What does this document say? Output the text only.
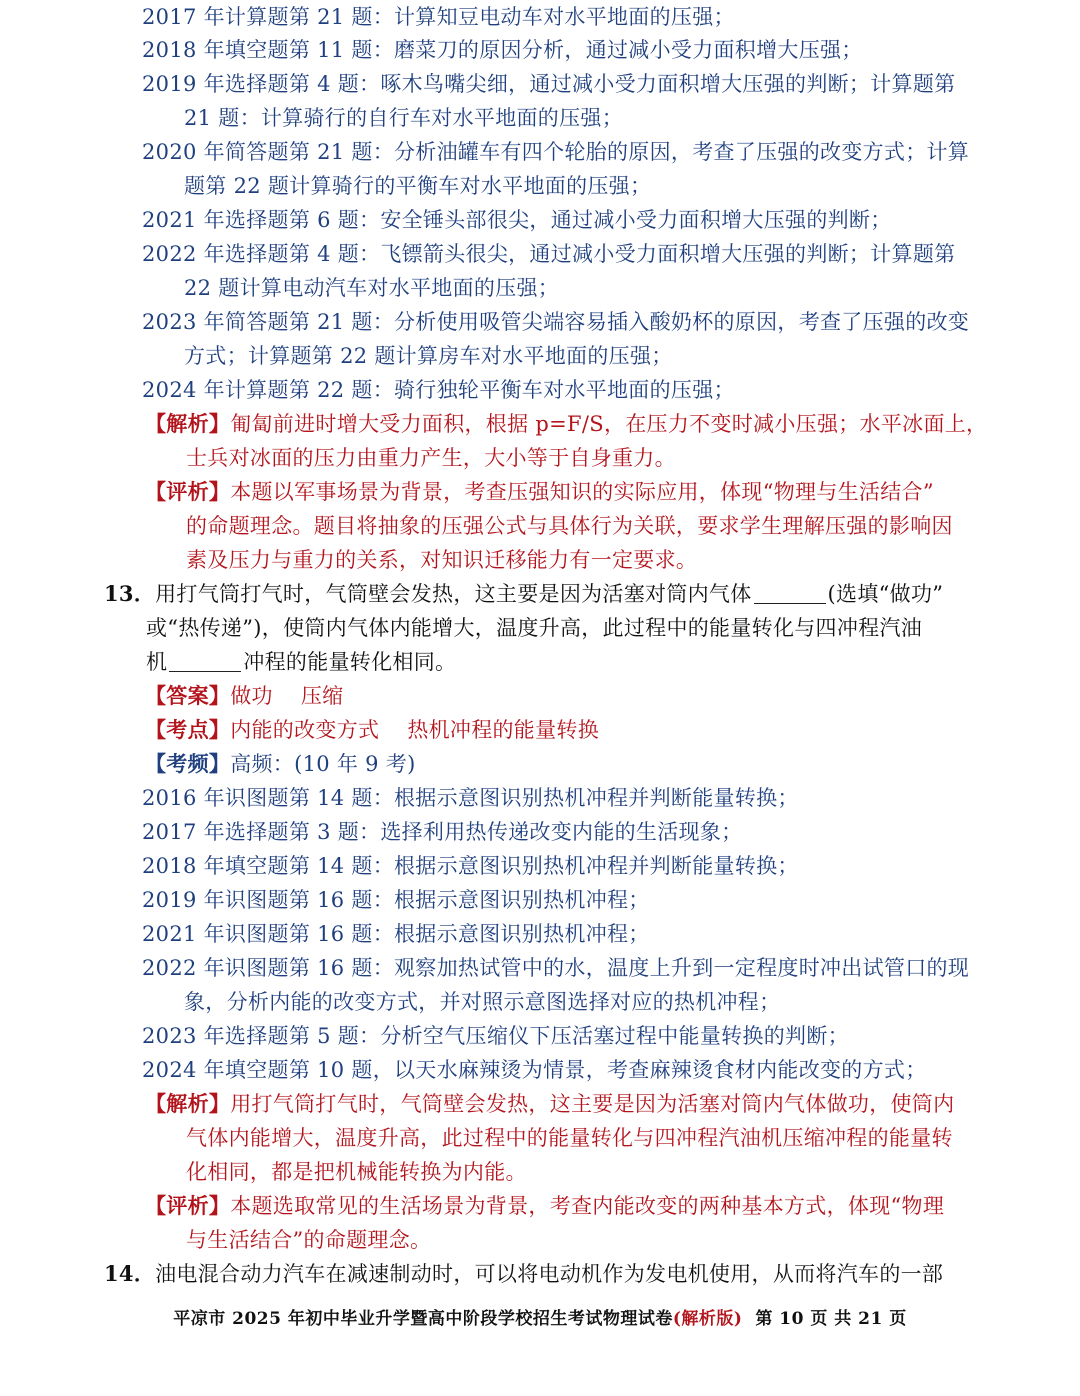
2017 年计算题第 21 题：计算知豆电动车对水平地面的压强；
2018 年填空题第 11 题：磨菜刀的原因分析，通过减小受力面积增大压强；
2019 年选择题第 4 题：啄木鸟嘴尖细，通过减小受力面积增大压强的判断；计算题第
21 题：计算骑行的自行车对水平地面的压强；
2020 年简答题第 21 题：分析油罐车有四个轮胎的原因，考查了压强的改变方式；计算
题第 22 题计算骑行的平衡车对水平地面的压强；
2021 年选择题第 6 题：安全锤头部很尖，通过减小受力面积增大压强的判断；
2022 年选择题第 4 题：飞镖箭头很尖，通过减小受力面积增大压强的判断；计算题第
22 题计算电动汽车对水平地面的压强；
2023 年简答题第 21 题：分析使用吸管尖端容易插入酸奶杯的原因，考查了压强的改变
方式；计算题第 22 题计算房车对水平地面的压强；
2024 年计算题第 22 题：骑行独轮平衡车对水平地面的压强；
【解析】匍匐前进时增大受力面积，根据 p=F/S，在压力不变时减小压强；水平冰面上，
士兵对冰面的压力由重力产生，大小等于自身重力。
【评析】本题以军事场景为背景，考查压强知识的实际应用，体现“物理与生活结合”
的命题理念。题目将抽象的压强公式与具体行为关联，要求学生理解压强的影响因
素及压力与重力的关系，对知识迁移能力有一定要求。
13．用打气筒打气时，气筒壁会发热，这主要是因为活塞对筒内气体	(选填“做功”
或“热传递”)，使筒内气体内能增大，温度升高，此过程中的能量转化与四冲程汽油
机	冲程的能量转化相同。
【答案】做功 压缩
【考点】内能的改变方式 热机冲程的能量转换
【考频】高频：(10 年 9 考)
2016 年识图题第 14 题：根据示意图识别热机冲程并判断能量转换；
2017 年选择题第 3 题：选择利用热传递改变内能的生活现象；
2018 年填空题第 14 题：根据示意图识别热机冲程并判断能量转换；
2019 年识图题第 16 题：根据示意图识别热机冲程；
2021 年识图题第 16 题：根据示意图识别热机冲程；
2022 年识图题第 16 题：观察加热试管中的水，温度上升到一定程度时冲出试管口的现
象，分析内能的改变方式，并对照示意图选择对应的热机冲程；
2023 年选择题第 5 题：分析空气压缩仪下压活塞过程中能量转换的判断；
2024 年填空题第 10 题，以天水麻辣烫为情景，考查麻辣烫食材内能改变的方式；
【解析】用打气筒打气时，气筒壁会发热，这主要是因为活塞对筒内气体做功，使筒内
气体内能增大，温度升高，此过程中的能量转化与四冲程汽油机压缩冲程的能量转
化相同，都是把机械能转换为内能。
【评析】本题选取常见的生活场景为背景，考查内能改变的两种基本方式，体现“物理
与生活结合”的命题理念。
14．油电混合动力汽车在减速制动时，可以将电动机作为发电机使用，从而将汽车的一部
平凉市 2025 年初中毕业升学暨高中阶段学校招生考试物理试卷(解析版) 第 10 页 共 21 页
